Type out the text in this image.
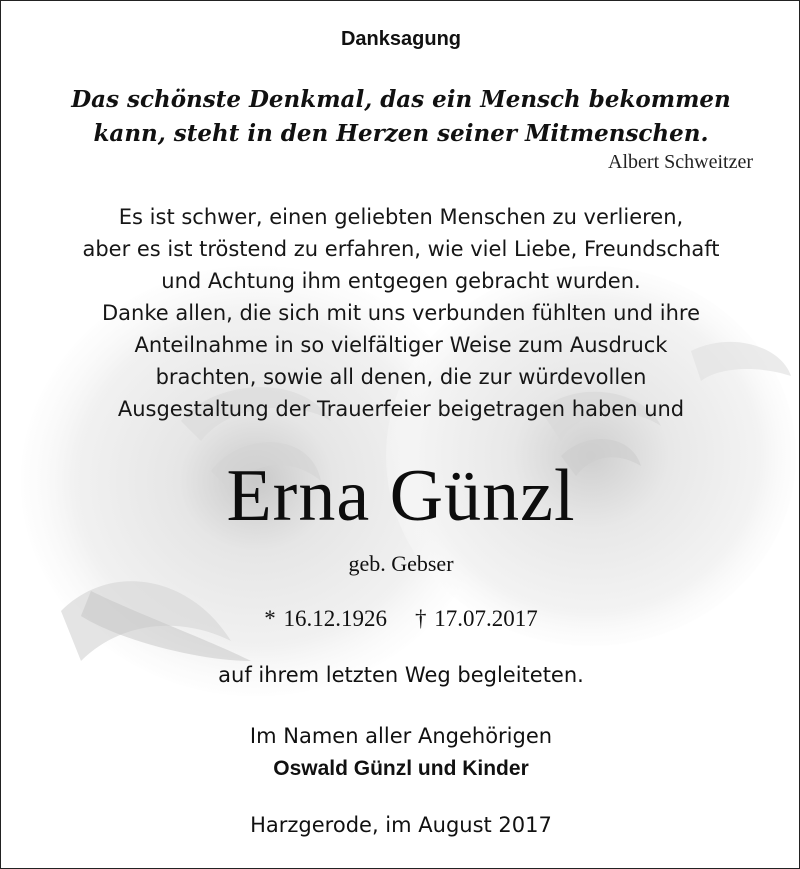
Danksagung
Das schönste Denkmal, das ein Mensch bekommen
kann, steht in den Herzen seiner Mitmenschen.
Albert Schweitzer
Es ist schwer, einen geliebten Menschen zu verlieren,
aber es ist tröstend zu erfahren, wie viel Liebe, Freundschaft
und Achtung ihm entgegen gebracht wurden.
Danke allen, die sich mit uns verbunden fühlten und ihre
Anteilnahme in so vielfältiger Weise zum Ausdruck
brachten, sowie all denen, die zur würdevollen
Ausgestaltung der Trauerfeier beigetragen haben und
Erna Günzl
geb. Gebser
* 16.12.1926 † 17.07.2017
auf ihrem letzten Weg begleiteten.
Im Namen aller Angehörigen
Oswald Günzl und Kinder
Harzgerode, im August 2017
